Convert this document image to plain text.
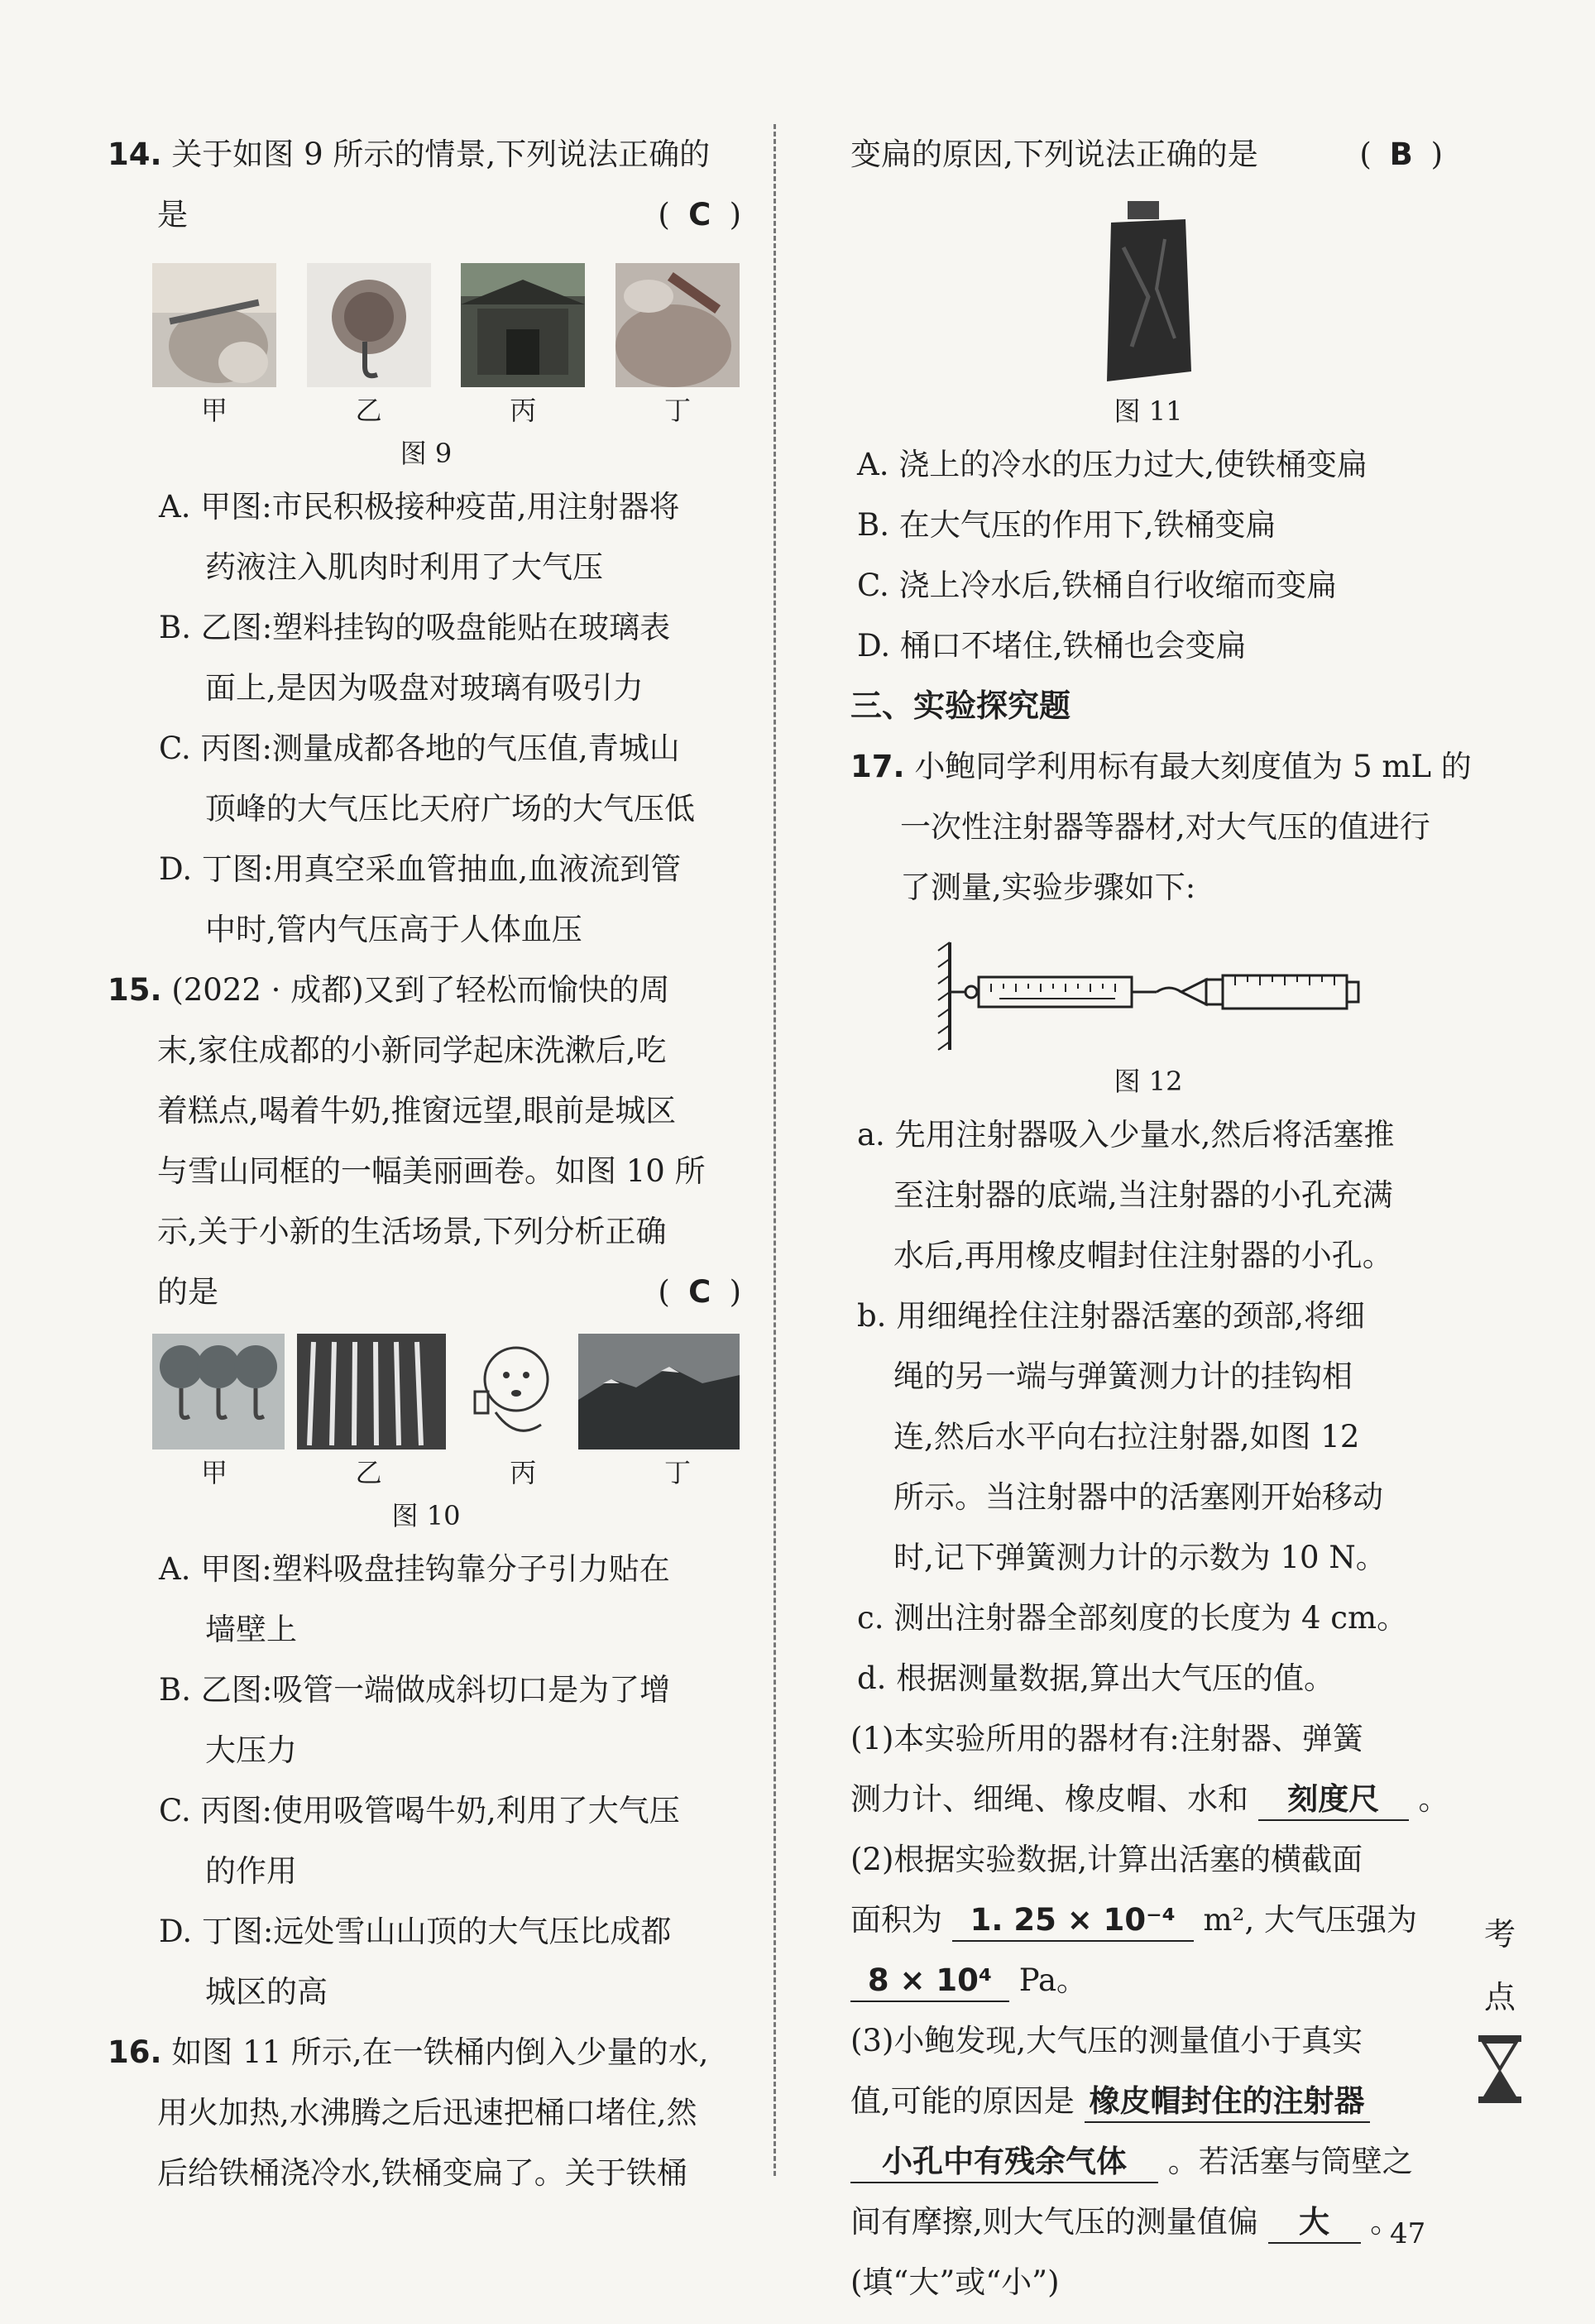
14. 关于如图 9 所示的情景,下列说法正确的
是	( C )
甲	乙	丙	丁
图 9
A. 甲图:市民积极接种疫苗,用注射器将
药液注入肌肉时利用了大气压
B. 乙图:塑料挂钩的吸盘能贴在玻璃表
面上,是因为吸盘对玻璃有吸引力
C. 丙图:测量成都各地的气压值,青城山
顶峰的大气压比天府广场的大气压低
D. 丁图:用真空采血管抽血,血液流到管
中时,管内气压高于人体血压
15. (2022 · 成都)又到了轻松而愉快的周
末,家住成都的小新同学起床洗漱后,吃
着糕点,喝着牛奶,推窗远望,眼前是城区
与雪山同框的一幅美丽画卷。如图 10 所
示,关于小新的生活场景,下列分析正确
的是	( C )
甲	乙	丙	丁
图 10
A. 甲图:塑料吸盘挂钩靠分子引力贴在
墙壁上
B. 乙图:吸管一端做成斜切口是为了增
大压力
C. 丙图:使用吸管喝牛奶,利用了大气压
的作用
D. 丁图:远处雪山山顶的大气压比成都
城区的高
16. 如图 11 所示,在一铁桶内倒入少量的水,
用火加热,水沸腾之后迅速把桶口堵住,然
后给铁桶浇冷水,铁桶变扁了。关于铁桶
变扁的原因,下列说法正确的是	( B )
图 11
A. 浇上的冷水的压力过大,使铁桶变扁
B. 在大气压的作用下,铁桶变扁
C. 浇上冷水后,铁桶自行收缩而变扁
D. 桶口不堵住,铁桶也会变扁
三、实验探究题
17. 小鲍同学利用标有最大刻度值为 5 mL 的
一次性注射器等器材,对大气压的值进行
了测量,实验步骤如下:
图 12
a. 先用注射器吸入少量水,然后将活塞推
至注射器的底端,当注射器的小孔充满
水后,再用橡皮帽封住注射器的小孔。
b. 用细绳拴住注射器活塞的颈部,将细
绳的另一端与弹簧测力计的挂钩相
连,然后水平向右拉注射器,如图 12
所示。当注射器中的活塞刚开始移动
时,记下弹簧测力计的示数为 10 N。
c. 测出注射器全部刻度的长度为 4 cm。
d. 根据测量数据,算出大气压的值。
(1)本实验所用的器材有:注射器、弹簧
测力计、细绳、橡皮帽、水和 刻度尺 。
(2)根据实验数据,计算出活塞的横截面
面积为 1. 25 × 10⁻⁴ m², 大气压强为
8 × 10⁴ Pa。
(3)小鲍发现,大气压的测量值小于真实
值,可能的原因是 橡皮帽封住的注射器
小孔中有残余气体 。若活塞与筒壁之
间有摩擦,则大气压的测量值偏 大 。
(填“大”或“小”)
考
点
47
